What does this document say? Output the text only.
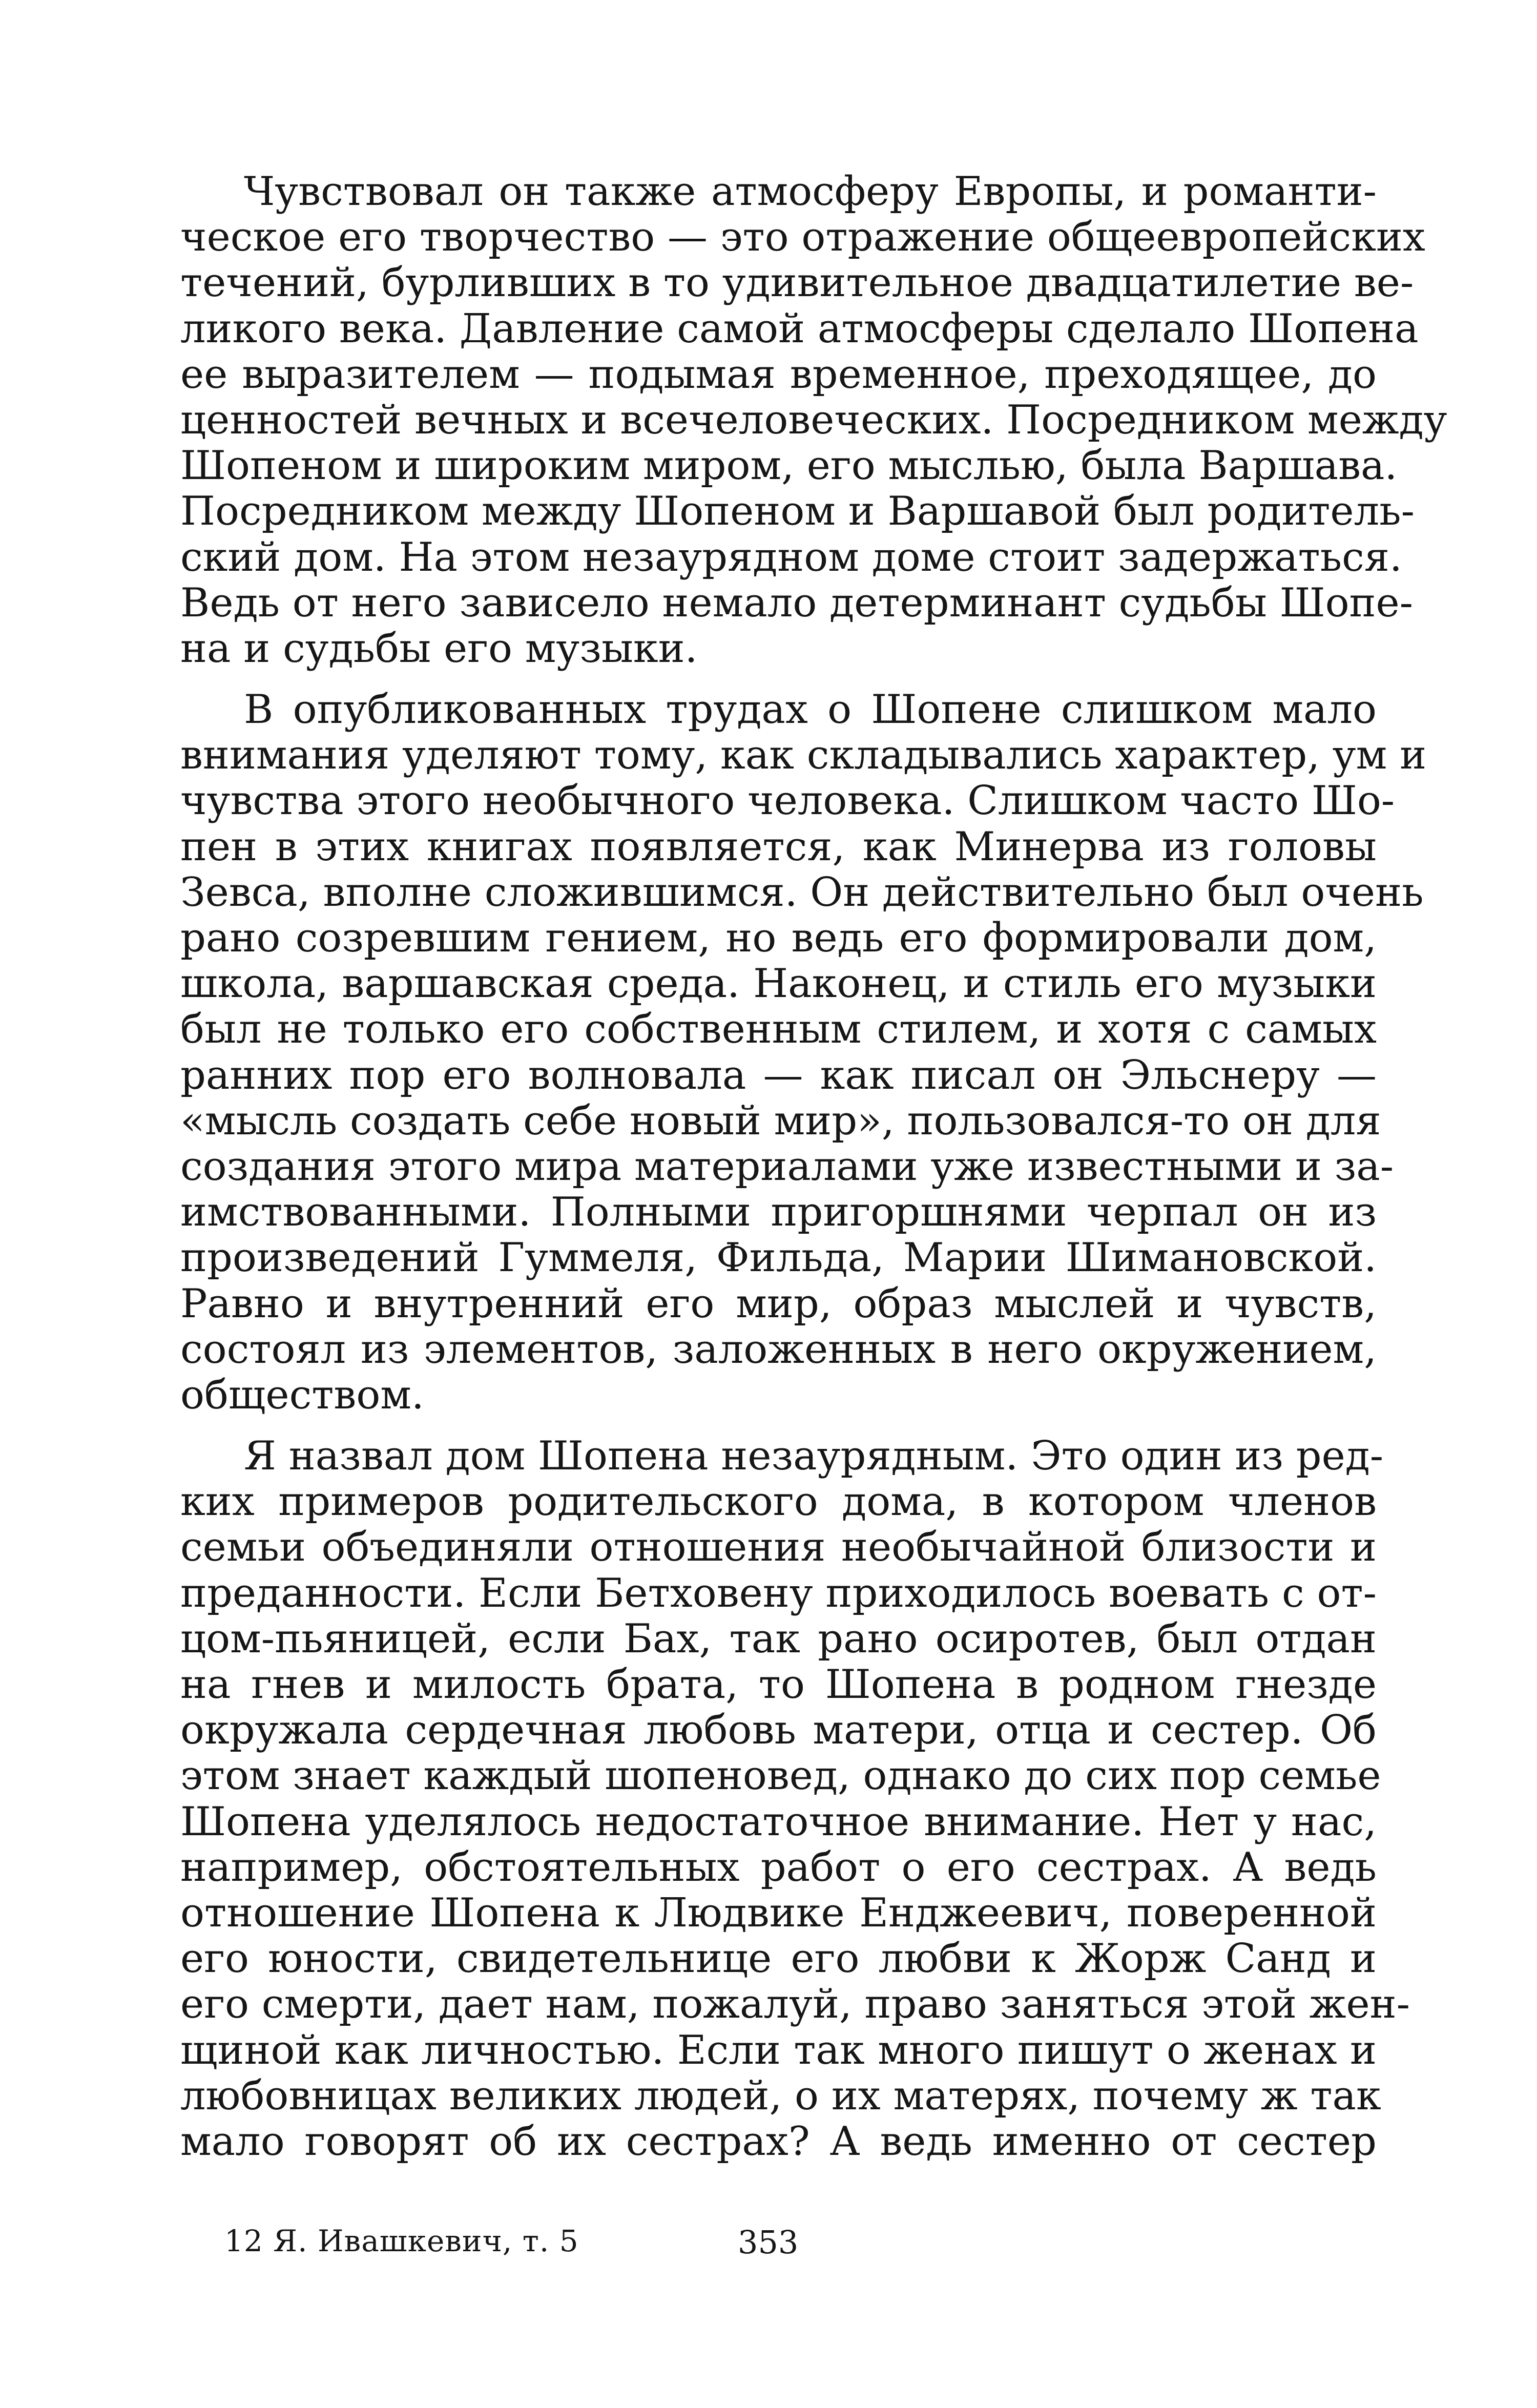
Чувствовал он также атмосферу Европы, и романти-
ческое его творчество — это отражение общеевропейских
течений, бурливших в то удивительное двадцатилетие ве-
ликого века. Давление самой атмосферы сделало Шопена
ее выразителем — подымая временное, преходящее, до
ценностей вечных и всечеловеческих. Посредником между
Шопеном и широким миром, его мыслью, была Варшава.
Посредником между Шопеном и Варшавой был родитель-
ский дом. На этом незаурядном доме стоит задержаться.
Ведь от него зависело немало детерминант судьбы Шопе-
на и судьбы его музыки.
В опубликованных трудах о Шопене слишком мало
внимания уделяют тому, как складывались характер, ум и
чувства этого необычного человека. Слишком часто Шо-
пен в этих книгах появляется, как Минерва из головы
Зевса, вполне сложившимся. Он действительно был очень
рано созревшим гением, но ведь его формировали дом,
школа, варшавская среда. Наконец, и стиль его музыки
был не только его собственным стилем, и хотя с самых
ранних пор его волновала — как писал он Эльснеру —
«мысль создать себе новый мир», пользовался-то он для
создания этого мира материалами уже известными и за-
имствованными. Полными пригоршнями черпал он из
произведений Гуммеля, Фильда, Марии Шимановской.
Равно и внутренний его мир, образ мыслей и чувств,
состоял из элементов, заложенных в него окружением,
обществом.
Я назвал дом Шопена незаурядным. Это один из ред-
ких примеров родительского дома, в котором членов
семьи объединяли отношения необычайной близости и
преданности. Если Бетховену приходилось воевать с от-
цом-пьяницей, если Бах, так рано осиротев, был отдан
на гнев и милость брата, то Шопена в родном гнезде
окружала сердечная любовь матери, отца и сестер. Об
этом знает каждый шопеновед, однако до сих пор семье
Шопена уделялось недостаточное внимание. Нет у нас,
например, обстоятельных работ о его сестрах. А ведь
отношение Шопена к Людвике Енджеевич, поверенной
его юности, свидетельнице его любви к Жорж Санд и
его смерти, дает нам, пожалуй, право заняться этой жен-
щиной как личностью. Если так много пишут о женах и
любовницах великих людей, о их матерях, почему ж так
мало говорят об их сестрах? А ведь именно от сестер
12 Я. Ивашкевич, т. 5	353
